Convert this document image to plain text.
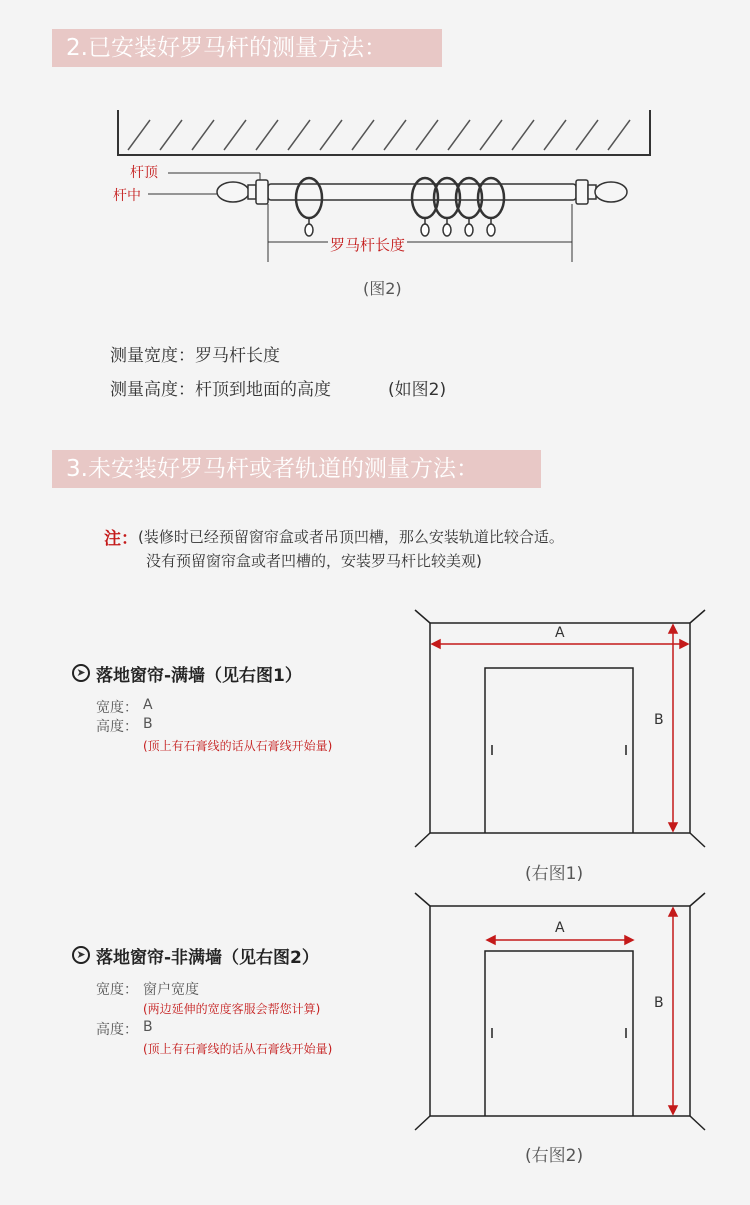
2.已安装好罗马杆的测量方法：
杆顶
杆中
罗马杆长度
(图2)
测量宽度：罗马杆长度
测量高度：杆顶到地面的高度	(如图2)
3.未安装好罗马杆或者轨道的测量方法：
注： (装修时已经预留窗帘盒或者吊顶凹槽，那么安装轨道比较合适。
没有预留窗帘盒或者凹槽的，安装罗马杆比较美观)
➤ 落地窗帘-满墙（见右图1）
宽度： A
高度： B
(顶上有石膏线的话从石膏线开始量)
A
B
(右图1)
➤ 落地窗帘-非满墙（见右图2）
宽度： 窗户宽度
(两边延伸的宽度客服会帮您计算)
高度： B
(顶上有石膏线的话从石膏线开始量)
A
B
(右图2)
